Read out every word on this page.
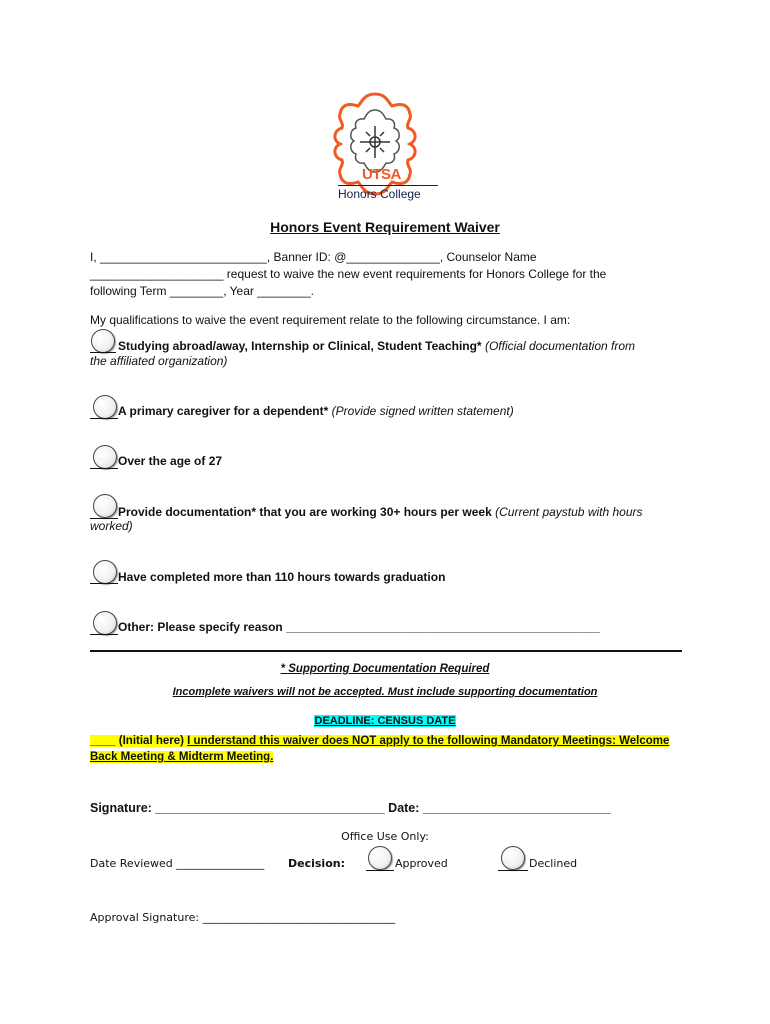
UTSA
Honors College
Honors Event Requirement Waiver
I, _________________________, Banner ID: @______________, Counselor Name
____________________ request to waive the new event requirements for Honors College for the
following Term ________, Year ________.
My qualifications to waive the event requirement relate to the following circumstance. I am:
Studying abroad/away, Internship or Clinical, Student Teaching* (Official documentation from
the affiliated organization)
A primary caregiver for a dependent* (Provide signed written statement)
Over the age of 27
Provide documentation* that you are working 30+ hours per week (Current paystub with hours
worked)
Have completed more than 110 hours towards graduation
Other: Please specify reason _______________________________________________
* Supporting Documentation Required
Incomplete waivers will not be accepted. Must include supporting documentation
DEADLINE: CENSUS DATE
____ (Initial here) I understand this waiver does NOT apply to the following Mandatory Meetings: Welcome
Back Meeting & Midterm Meeting.
Signature: _________________________________ Date: ___________________________
Office Use Only:
Date Reviewed ________________ Decision:	Approved	Declined
Approval Signature: ___________________________________
